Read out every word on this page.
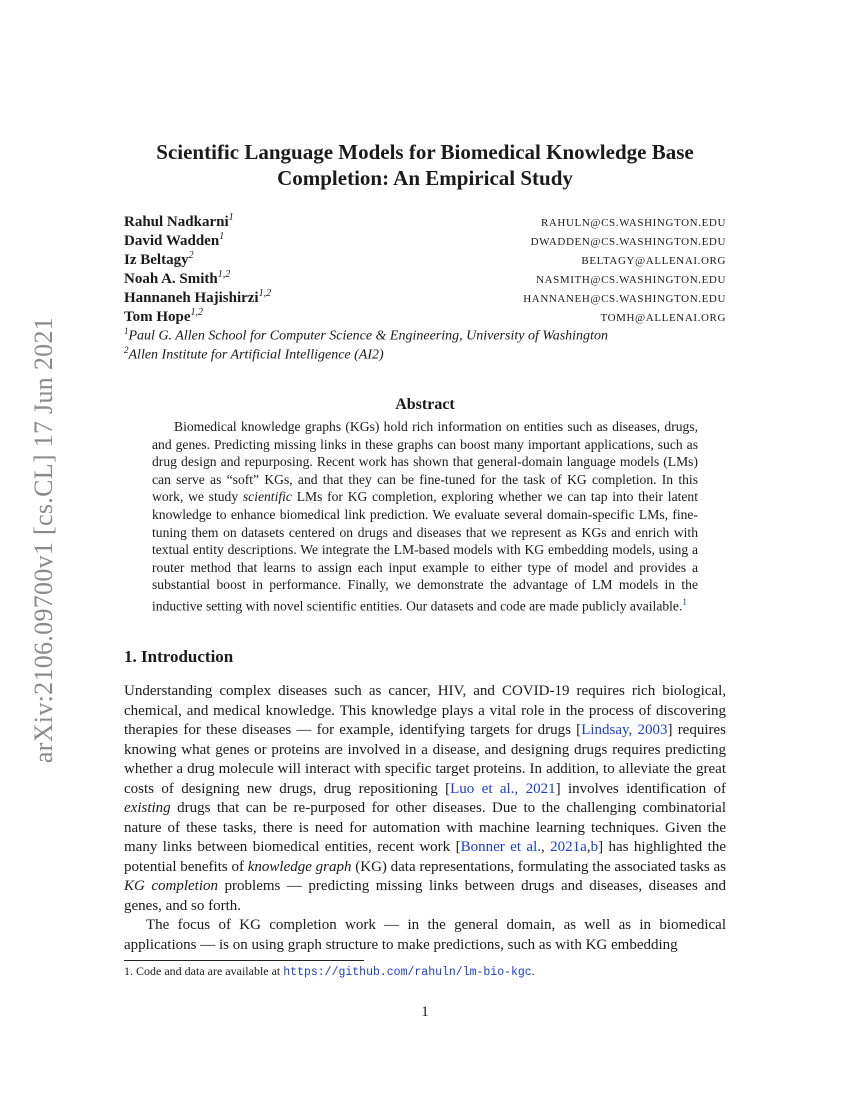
arXiv:2106.09700v1 [cs.CL] 17 Jun 2021
Scientific Language Models for Biomedical Knowledge Base
Completion: An Empirical Study
Rahul Nadkarni$^1$	RAHULN@CS.WASHINGTON.EDU
David Wadden$^1$	DWADDEN@CS.WASHINGTON.EDU
Iz Beltagy$^2$	BELTAGY@ALLENAI.ORG
Noah A. Smith$^{1,2}$	NASMITH@CS.WASHINGTON.EDU
Hannaneh Hajishirzi$^{1,2}$	HANNANEH@CS.WASHINGTON.EDU
Tom Hope$^{1,2}$	TOMH@ALLENAI.ORG
$^1$Paul G. Allen School for Computer Science & Engineering, University of Washington
$^2$Allen Institute for Artificial Intelligence (AI2)
Abstract
Biomedical knowledge graphs (KGs) hold rich information on entities such as diseases, drugs, and genes. Predicting missing links in these graphs can boost many important applications, such as drug design and repurposing. Recent work has shown that general-domain language models (LMs) can serve as “soft” KGs, and that they can be fine-tuned for the task of KG completion. In this work, we study scientific LMs for KG completion, exploring whether we can tap into their latent knowledge to enhance biomedical link prediction. We evaluate several domain-specific LMs, fine-tuning them on datasets centered on drugs and diseases that we represent as KGs and enrich with textual entity descriptions. We integrate the LM-based models with KG embedding models, using a router method that learns to assign each input example to either type of model and provides a substantial boost in performance. Finally, we demonstrate the advantage of LM models in the inductive setting with novel scientific entities. Our datasets and code are made publicly available.$^1$
1. Introduction

Understanding complex diseases such as cancer, HIV, and COVID-19 requires rich biological, chemical, and medical knowledge. This knowledge plays a vital role in the process of discovering therapies for these diseases — for example, identifying targets for drugs [Lindsay, 2003] requires knowing what genes or proteins are involved in a disease, and designing drugs requires predicting whether a drug molecule will interact with specific target proteins. In addition, to alleviate the great costs of designing new drugs, drug repositioning [Luo et al., 2021] involves identification of existing drugs that can be re-purposed for other diseases. Due to the challenging combinatorial nature of these tasks, there is need for automation with machine learning techniques. Given the many links between biomedical entities, recent work [Bonner et al., 2021a,b] has highlighted the potential benefits of knowledge graph (KG) data representations, formulating the associated tasks as KG completion problems — predicting missing links between drugs and diseases, diseases and genes, and so forth.

The focus of KG completion work — in the general domain, as well as in biomedical applications — is on using graph structure to make predictions, such as with KG embedding

1. Code and data are available at https://github.com/rahuln/lm-bio-kgc.
1
